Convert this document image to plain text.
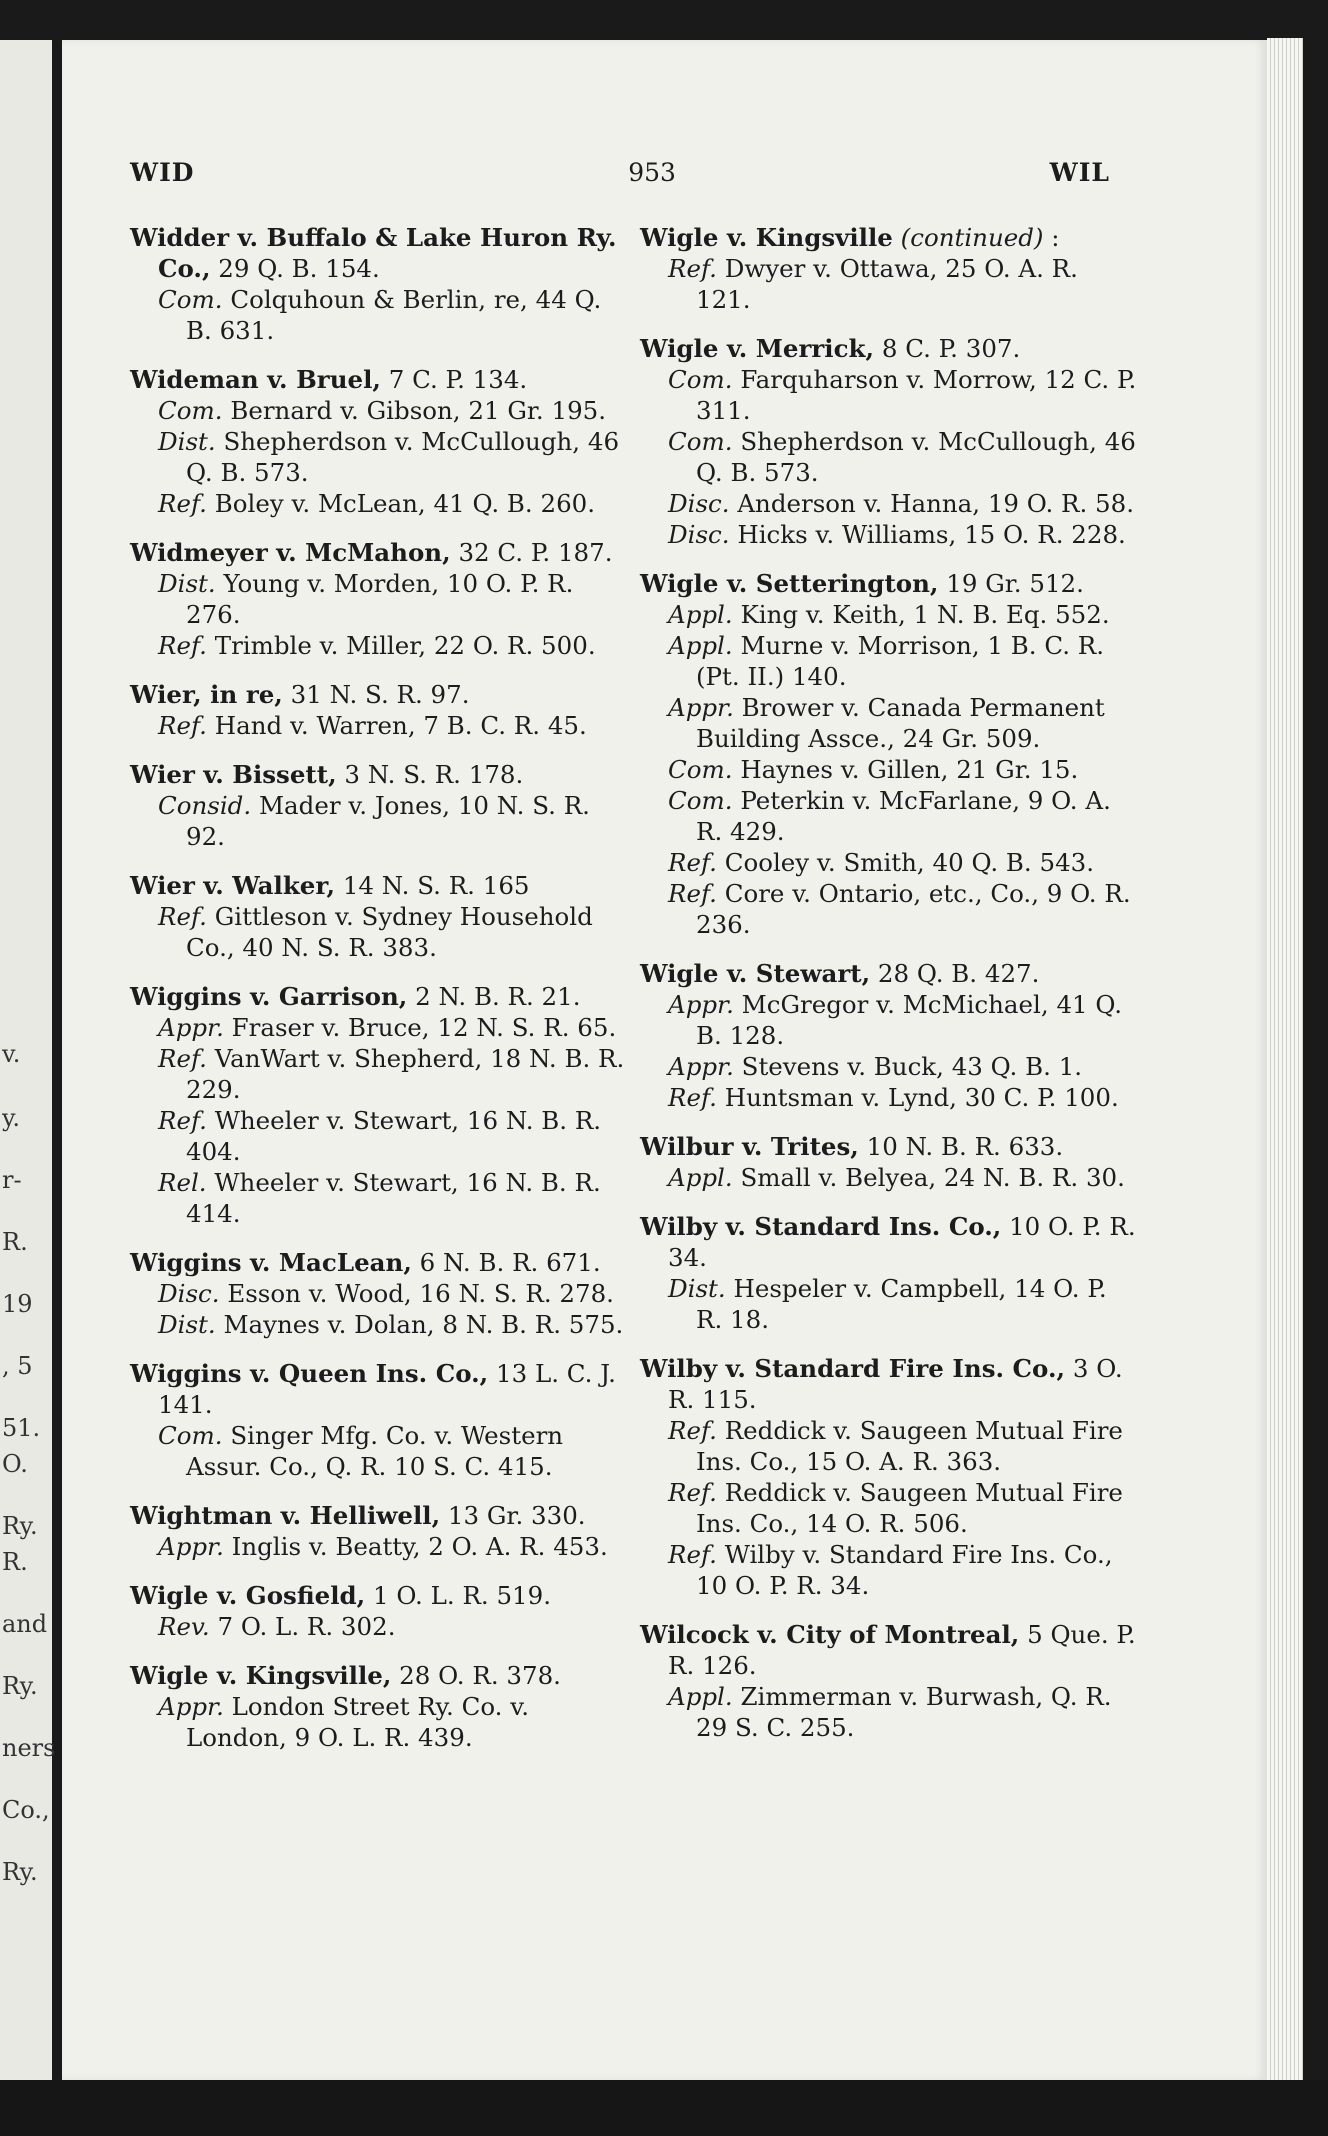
v.
y.
r-
R.
19
, 5
51.
O.
Ry.
R.
and
Ry.
ners
Co.,
Ry.
WID	953	WIL
Widder v. Buffalo & Lake Huron Ry. Co., 29 Q. B. 154.
Com. Colquhoun & Berlin, re, 44 Q. B. 631.
Wideman v. Bruel, 7 C. P. 134.
Com. Bernard v. Gibson, 21 Gr. 195.
Dist. Shepherdson v. McCullough, 46 Q. B. 573.
Ref. Boley v. McLean, 41 Q. B. 260.
Widmeyer v. McMahon, 32 C. P. 187.
Dist. Young v. Morden, 10 O. P. R. 276.
Ref. Trimble v. Miller, 22 O. R. 500.
Wier, in re, 31 N. S. R. 97.
Ref. Hand v. Warren, 7 B. C. R. 45.
Wier v. Bissett, 3 N. S. R. 178.
Consid. Mader v. Jones, 10 N. S. R. 92.
Wier v. Walker, 14 N. S. R. 165
Ref. Gittleson v. Sydney Household Co., 40 N. S. R. 383.
Wiggins v. Garrison, 2 N. B. R. 21.
Appr. Fraser v. Bruce, 12 N. S. R. 65.
Ref. VanWart v. Shepherd, 18 N. B. R. 229.
Ref. Wheeler v. Stewart, 16 N. B. R. 404.
Rel. Wheeler v. Stewart, 16 N. B. R. 414.
Wiggins v. MacLean, 6 N. B. R. 671.
Disc. Esson v. Wood, 16 N. S. R. 278.
Dist. Maynes v. Dolan, 8 N. B. R. 575.
Wiggins v. Queen Ins. Co., 13 L. C. J. 141.
Com. Singer Mfg. Co. v. Western Assur. Co., Q. R. 10 S. C. 415.
Wightman v. Helliwell, 13 Gr. 330.
Appr. Inglis v. Beatty, 2 O. A. R. 453.
Wigle v. Gosfield, 1 O. L. R. 519.
Rev. 7 O. L. R. 302.
Wigle v. Kingsville, 28 O. R. 378.
Appr. London Street Ry. Co. v. London, 9 O. L. R. 439.
Wigle v. Kingsville (continued) :
Ref. Dwyer v. Ottawa, 25 O. A. R. 121.
Wigle v. Merrick, 8 C. P. 307.
Com. Farquharson v. Morrow, 12 C. P. 311.
Com. Shepherdson v. McCullough, 46 Q. B. 573.
Disc. Anderson v. Hanna, 19 O. R. 58.
Disc. Hicks v. Williams, 15 O. R. 228.
Wigle v. Setterington, 19 Gr. 512.
Appl. King v. Keith, 1 N. B. Eq. 552.
Appl. Murne v. Morrison, 1 B. C. R. (Pt. II.) 140.
Appr. Brower v. Canada Permanent Building Assce., 24 Gr. 509.
Com. Haynes v. Gillen, 21 Gr. 15.
Com. Peterkin v. McFarlane, 9 O. A. R. 429.
Ref. Cooley v. Smith, 40 Q. B. 543.
Ref. Core v. Ontario, etc., Co., 9 O. R. 236.
Wigle v. Stewart, 28 Q. B. 427.
Appr. McGregor v. McMichael, 41 Q. B. 128.
Appr. Stevens v. Buck, 43 Q. B. 1.
Ref. Huntsman v. Lynd, 30 C. P. 100.
Wilbur v. Trites, 10 N. B. R. 633.
Appl. Small v. Belyea, 24 N. B. R. 30.
Wilby v. Standard Ins. Co., 10 O. P. R. 34.
Dist. Hespeler v. Campbell, 14 O. P. R. 18.
Wilby v. Standard Fire Ins. Co., 3 O. R. 115.
Ref. Reddick v. Saugeen Mutual Fire Ins. Co., 15 O. A. R. 363.
Ref. Reddick v. Saugeen Mutual Fire Ins. Co., 14 O. R. 506.
Ref. Wilby v. Standard Fire Ins. Co., 10 O. P. R. 34.
Wilcock v. City of Montreal, 5 Que. P. R. 126.
Appl. Zimmerman v. Burwash, Q. R. 29 S. C. 255.
